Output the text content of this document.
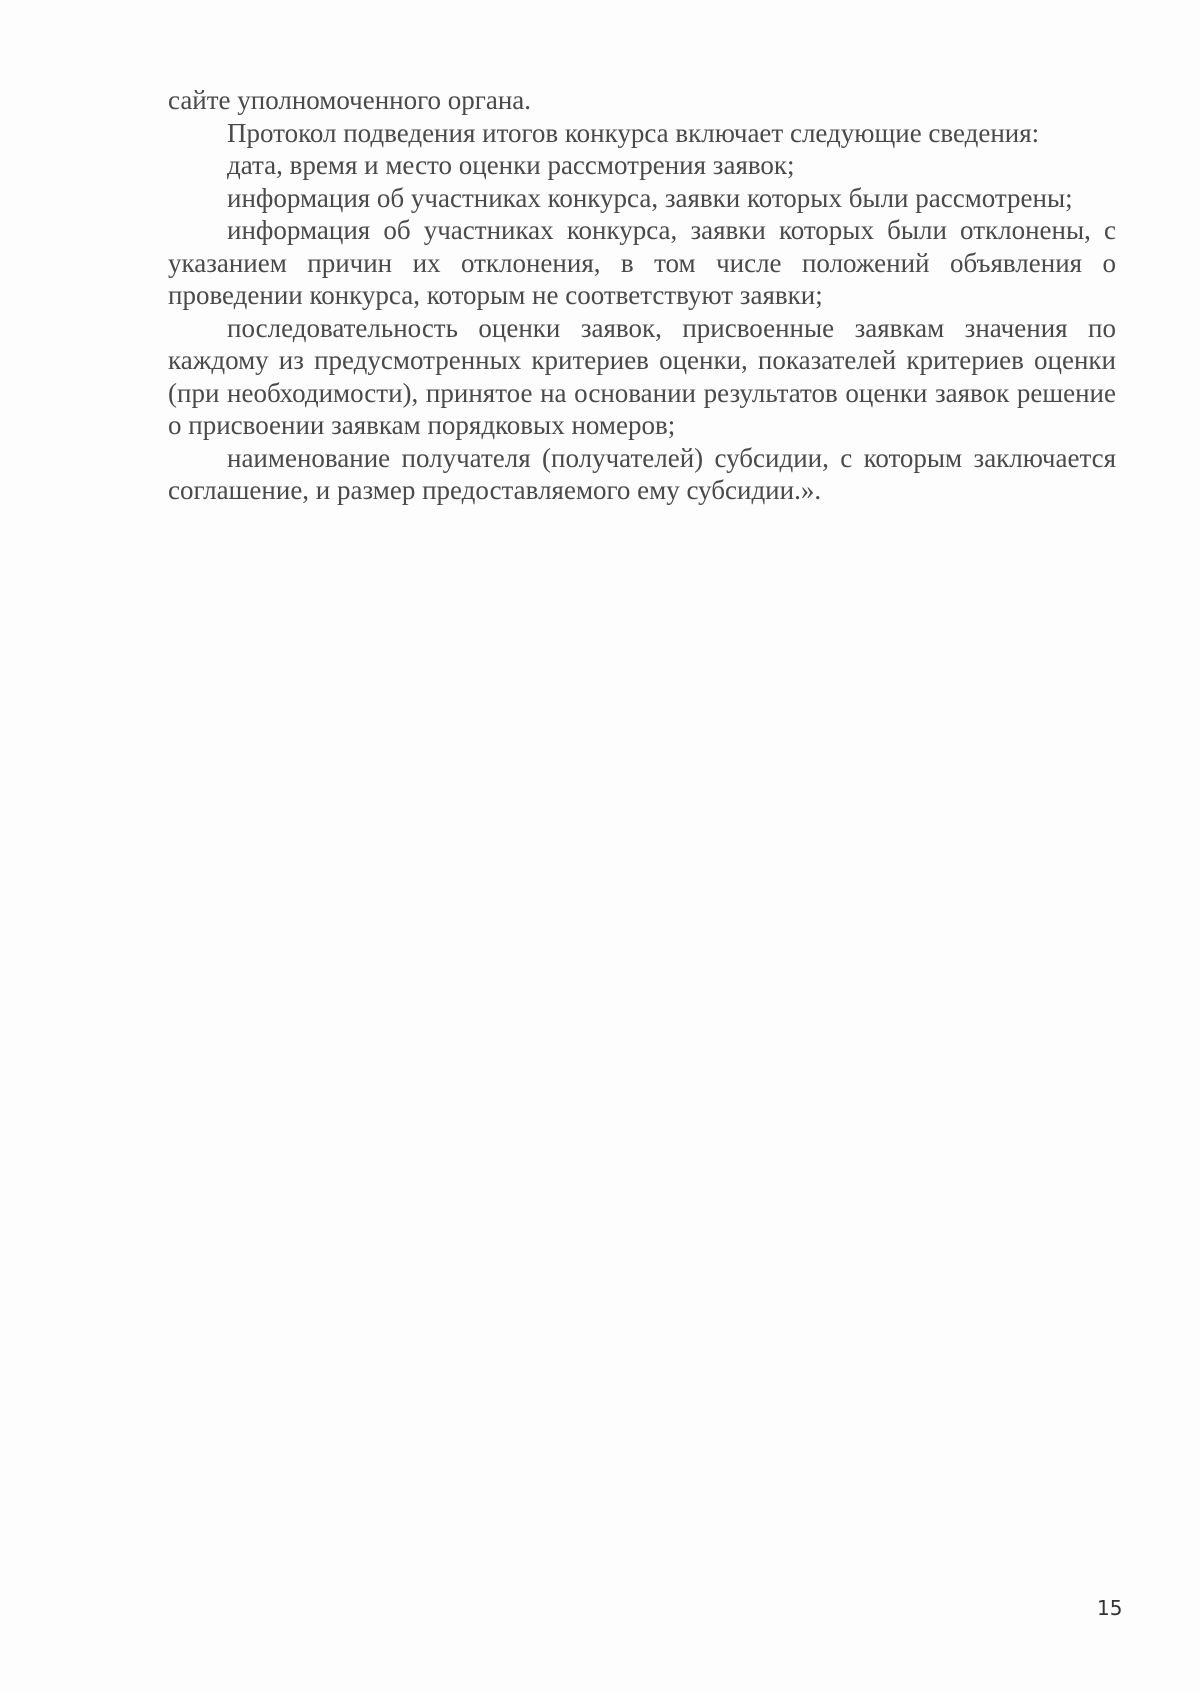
сайте уполномоченного органа.

Протокол подведения итогов конкурса включает следующие сведения:

дата, время и место оценки рассмотрения заявок;

информация об участниках конкурса, заявки которых были рассмотрены;

информация об участниках конкурса, заявки которых были отклонены, с указанием причин их отклонения, в том числе положений объявления о проведении конкурса, которым не соответствуют заявки;

последовательность оценки заявок, присвоенные заявкам значения по каждому из предусмотренных критериев оценки, показателей критериев оценки (при необходимости), принятое на основании результатов оценки заявок решение о присвоении заявкам порядковых номеров;

наименование получателя (получателей) субсидии, с которым заключается соглашение, и размер предоставляемого ему субсидии.».

15
